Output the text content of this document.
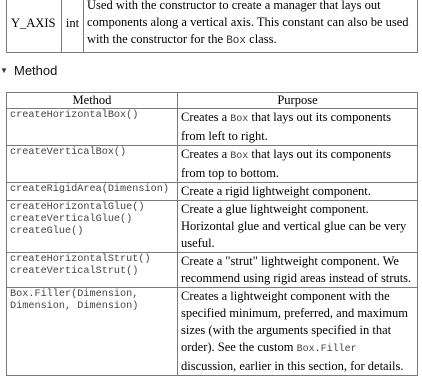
Y_AXIS	int	Used with the constructor to create a manager that lays out components along a vertical axis. This constant can also be used with the constructor for the Box class.
▼ Method
Method	Purpose

createHorizontalBox()	Creates a Box that lays out its components from left to right.

createVerticalBox()	Creates a Box that lays out its components from top to bottom.

createRigidArea(Dimension)	Create a rigid lightweight component.

createHorizontalGlue()
createVerticalGlue()
createGlue()	Create a glue lightweight component. Horizontal glue and vertical glue can be very useful.

createHorizontalStrut()
createVerticalStrut()	Create a "strut" lightweight component. We recommend using rigid areas instead of struts.

Box.Filler(Dimension,
Dimension, Dimension)	Creates a lightweight component with the specified minimum, preferred, and maximum sizes (with the arguments specified in that order). See the custom Box.Filler discussion, earlier in this section, for details.
